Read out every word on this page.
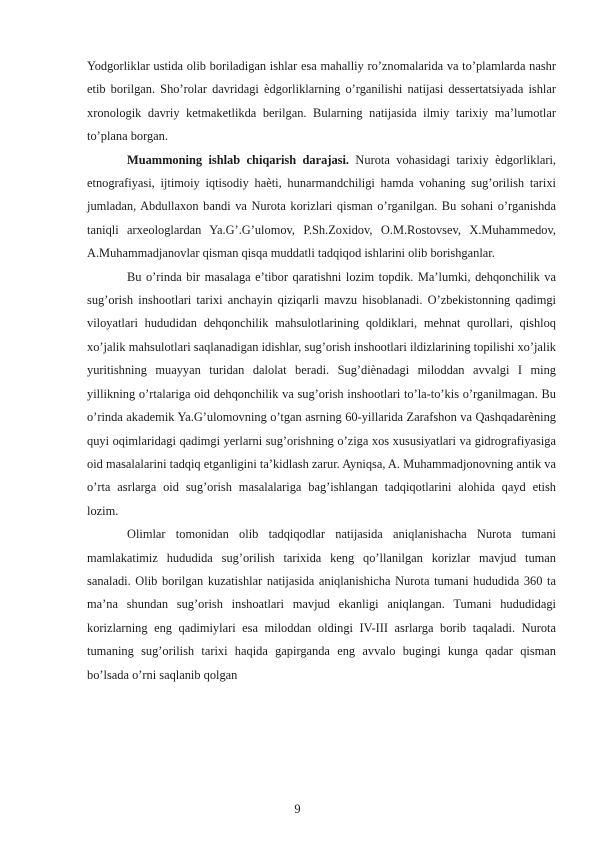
Yodgorliklar ustida olib boriladigan ishlar esa mahalliy ro’znomalarida va to’plamlarda nashr etib borilgan. Sho’rolar davridagi ѐdgorliklarning o’rganilishi natijasi dessertatsiyada ishlar xronologik davriy ketmaketlikda berilgan. Bularning natijasida ilmiy tarixiy ma’lumotlar to’plana borgan.

Muammoning ishlab chiqarish darajasi. Nurota vohasidagi tarixiy ѐdgorliklari, etnografiyasi, ijtimoiy iqtisodiy haѐti, hunarmandchiligi hamda vohaning sug’orilish tarixi jumladan, Abdullaxon bandi va Nurota korizlari qisman o’rganilgan. Bu sohani o’rganishda taniqli arxeologlardan Ya.G’.G’ulomov, P.Sh.Zoxidov, O.M.Rostovsev, X.Muhammedov, A.Muhammadjanovlar qisman qisqa muddatli tadqiqod ishlarini olib borishganlar.

Bu o’rinda bir masalaga e’tibor qaratishni lozim topdik. Ma’lumki, dehqonchilik va sug’orish inshootlari tarixi anchayin qiziqarli mavzu hisoblanadi. O’zbekistonning qadimgi viloyatlari hududidan dehqonchilik mahsulotlarining qoldiklari, mehnat qurollari, qishloq xo’jalik mahsulotlari saqlanadigan idishlar, sug’orish inshootlari ildizlarining topilishi xo’jalik yuritishning muayyan turidan dalolat beradi. Sug’diѐnadagi miloddan avvalgi I ming yillikning o’rtalariga oid dehqonchilik va sug’orish inshootlari to’la-to’kis o’rganilmagan. Bu o’rinda akademik Ya.G’ulomovning o’tgan asrning 60-yillarida Zarafshon va Qashqadarѐning quyi oqimlaridagi qadimgi yerlarni sug’orishning o’ziga xos xususiyatlari va gidrografiyasiga oid masalalarini tadqiq etganligini ta’kidlash zarur. Ayniqsa, A. Muhammadjonovning antik va o’rta asrlarga oid sug’orish masalalariga bag’ishlangan tadqiqotlarini alohida qayd etish lozim.

Olimlar tomonidan olib tadqiqodlar natijasida aniqlanishacha Nurota tumani mamlakatimiz hududida sug’orilish tarixida keng qo’llanilgan korizlar mavjud tuman sanaladi. Olib borilgan kuzatishlar natijasida aniqlanishicha Nurota tumani hududida 360 ta ma’na shundan sug’orish inshoatlari mavjud ekanligi aniqlangan. Tumani hududidagi korizlarning eng qadimiylari esa miloddan oldingi IV-III asrlarga borib taqaladi. Nurota tumaning sug’orilish tarixi haqida gapirganda eng avvalo bugingi kunga qadar qisman bo’lsada o’rni saqlanib qolgan

9
